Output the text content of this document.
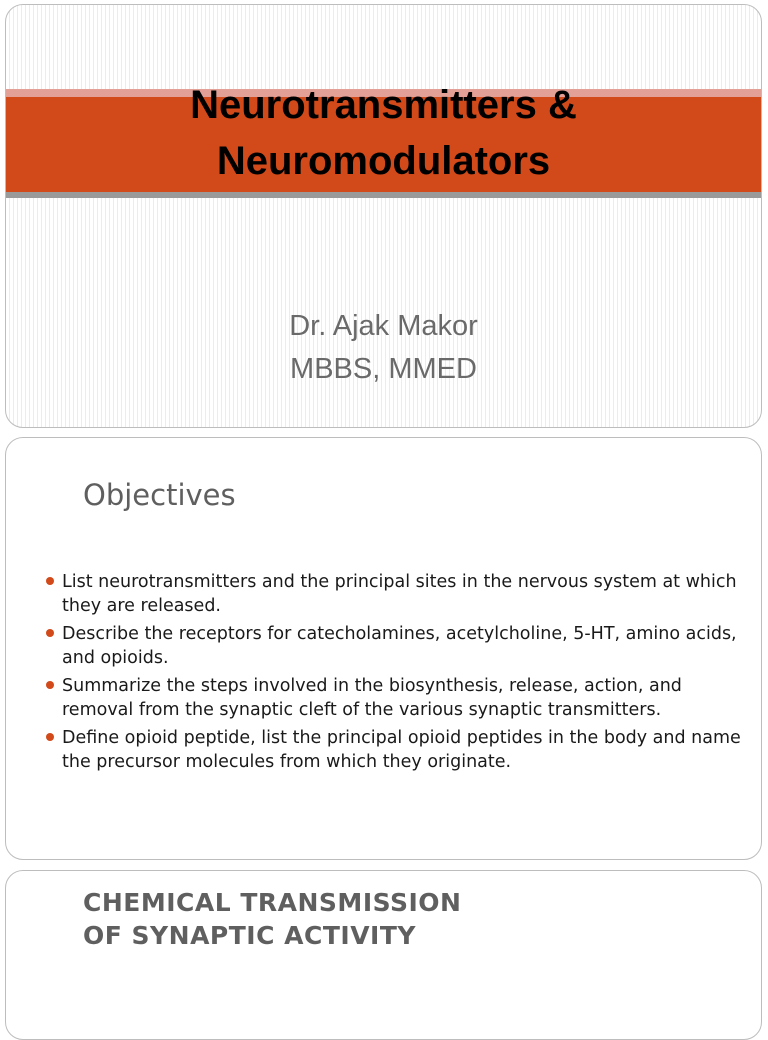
Neurotransmitters &
Neuromodulators
Dr. Ajak Makor
MBBS, MMED
Objectives
List neurotransmitters and the principal sites in the nervous system at which they are released.
Describe the receptors for catecholamines, acetylcholine, 5-HT, amino acids, and opioids.
Summarize the steps involved in the biosynthesis, release, action, and removal from the synaptic cleft of the various synaptic transmitters.
Define opioid peptide, list the principal opioid peptides in the body and name the precursor molecules from which they originate.
CHEMICAL TRANSMISSION
OF SYNAPTIC ACTIVITY
